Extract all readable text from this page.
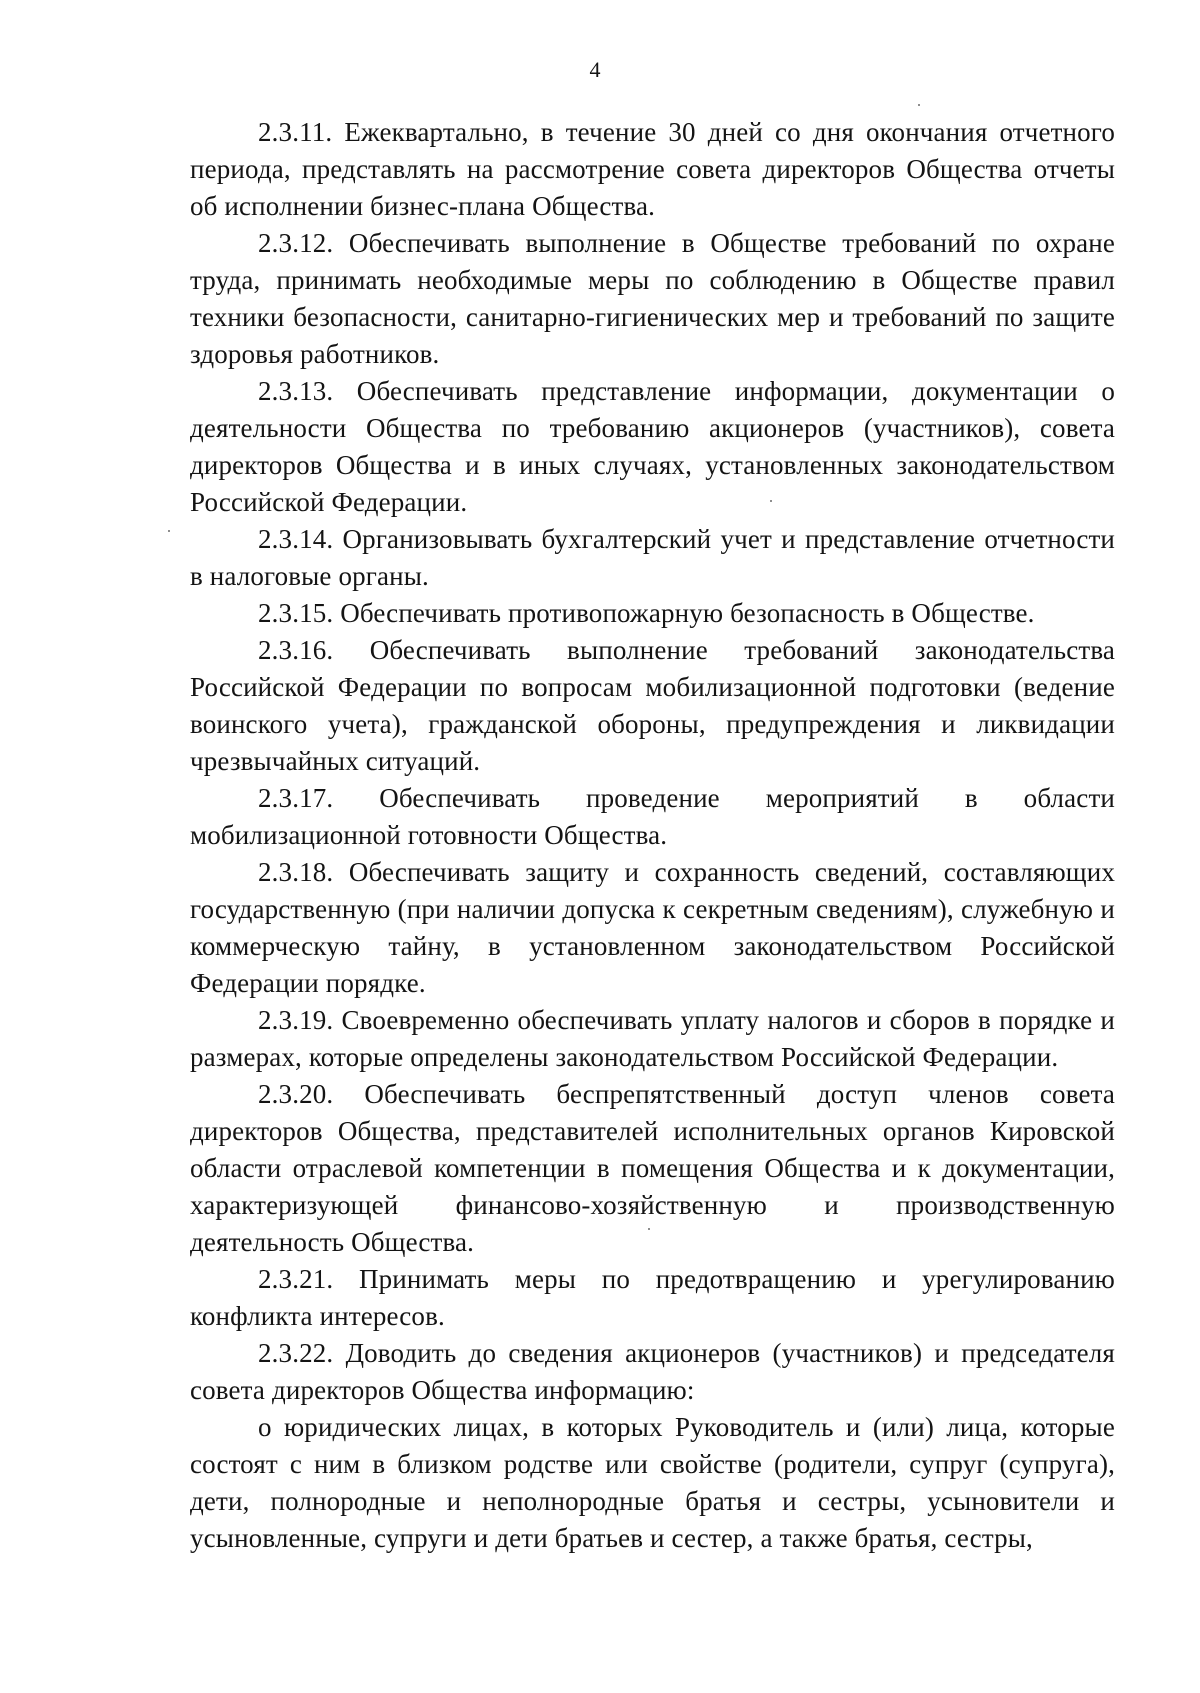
4

2.3.11. Ежеквартально, в течение 30 дней со дня окончания отчетного периода, представлять на рассмотрение совета директоров Общества отчеты об исполнении бизнес-плана Общества.

2.3.12. Обеспечивать выполнение в Обществе требований по охране труда, принимать необходимые меры по соблюдению в Обществе правил техники безопасности, санитарно-гигиенических мер и требований по защите здоровья работников.

2.3.13. Обеспечивать представление информации, документации о деятельности Общества по требованию акционеров (участников), совета директоров Общества и в иных случаях, установленных законодательством Российской Федерации.

2.3.14. Организовывать бухгалтерский учет и представление отчетности в налоговые органы.

2.3.15. Обеспечивать противопожарную безопасность в Обществе.

2.3.16. Обеспечивать выполнение требований законодательства Российской Федерации по вопросам мобилизационной подготовки (ведение воинского учета), гражданской обороны, предупреждения и ликвидации чрезвычайных ситуаций.

2.3.17. Обеспечивать проведение мероприятий в области мобилизационной готовности Общества.

2.3.18. Обеспечивать защиту и сохранность сведений, составляющих государственную (при наличии допуска к секретным сведениям), служебную и коммерческую тайну, в установленном законодательством Российской Федерации порядке.

2.3.19. Своевременно обеспечивать уплату налогов и сборов в порядке и размерах, которые определены законодательством Российской Федерации.

2.3.20. Обеспечивать беспрепятственный доступ членов совета директоров Общества, представителей исполнительных органов Кировской области отраслевой компетенции в помещения Общества и к документации, характеризующей финансово-хозяйственную и производственную деятельность Общества.

2.3.21. Принимать меры по предотвращению и урегулированию конфликта интересов.

2.3.22. Доводить до сведения акционеров (участников) и председателя совета директоров Общества информацию:

о юридических лицах, в которых Руководитель и (или) лица, которые состоят с ним в близком родстве или свойстве (родители, супруг (супруга), дети, полнородные и неполнородные братья и сестры, усыновители и усыновленные, супруги и дети братьев и сестер, а также братья, сестры,
